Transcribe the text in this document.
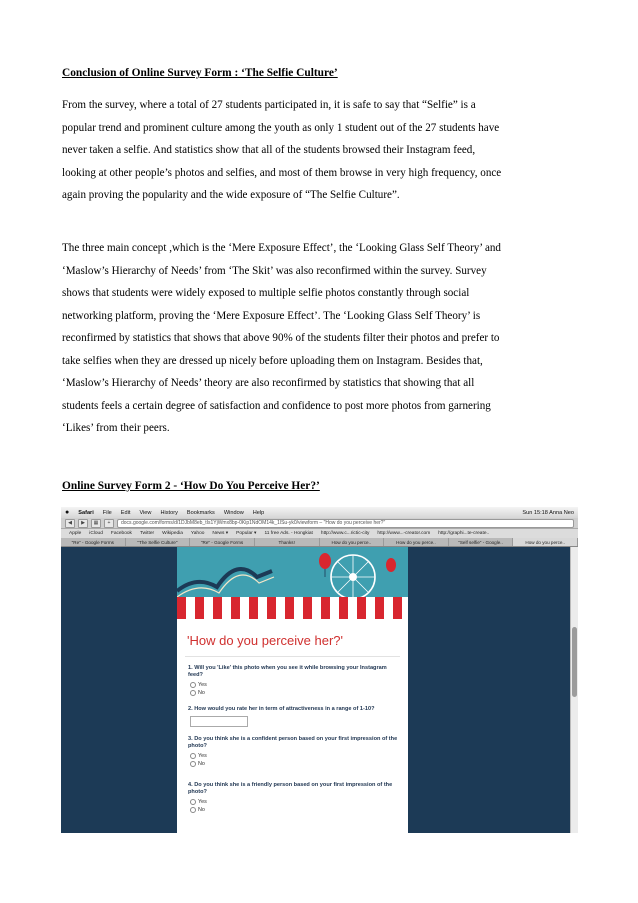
Conclusion of Online Survey Form : ‘The Selfie Culture’
From the survey, where a total of 27 students participated in, it is safe to say that “Selfie” is a
popular trend and prominent culture among the youth as only 1 student out of the 27 students have
never taken a selfie. And statistics show that all of the students browsed their Instagram feed,
looking at other people’s photos and selfies, and most of them browse in very high frequency, once
again proving the popularity and the wide exposure of “The Selfie Culture”.
The three main concept ,which is the ‘Mere Exposure Effect’, the ‘Looking Glass Self Theory’ and
‘Maslow’s Hierarchy of Needs’ from ‘The Skit’ was also reconfirmed within the survey. Survey
shows that students were widely exposed to multiple selfie photos constantly through social
networking platform, proving the ‘Mere Exposure Effect’. The ‘Looking Glass Self Theory’ is
reconfirmed by statistics that shows that above 90% of the students filter their photos and prefer to
take selfies when they are dressed up nicely before uploading them on Instagram. Besides that,
‘Maslow’s Hierarchy of Needs’ theory are also reconfirmed by statistics that showing that all
students feels a certain degree of satisfaction and confidence to post more photos from garnering
‘Likes’ from their peers.
Online Survey Form 2 - ‘How Do You Perceive Her?’
● Safari File Edit View History Bookmarks Window Help	Sun 15:18 Anna Neo
◀	▶	▦	+	docs.google.com/forms/d/1DJbM8eb_tIs1YjWmx8bp-0Kip1NdOM14k_1lSu-yk0/viewform – "How do you perceive her?"
Apple iCloud Facebook Twitter Wikipedia Yahoo News ▾ Popular ▾ 11 free Ads. - Hongkiat http://www.c...rictic-city http://www...-creator.com http://graphi...te-create..
"Re" - Google Forms	"The Selfie Culture"	"Re" - Google Forms	Thanks!	How do you perce..	How do you perce..	"Self selfie" - Google..	How do you perce..
'How do you perceive her?'
1. Will you 'Like' this photo when you see it while browsing your Instagram feed?
Yes
No
2. How would you rate her in term of attractiveness in a range of 1-10?
3. Do you think she is a confident person based on your first impression of the photo?
Yes
No
4. Do you think she is a friendly person based on your first impression of the photo?
Yes
No
